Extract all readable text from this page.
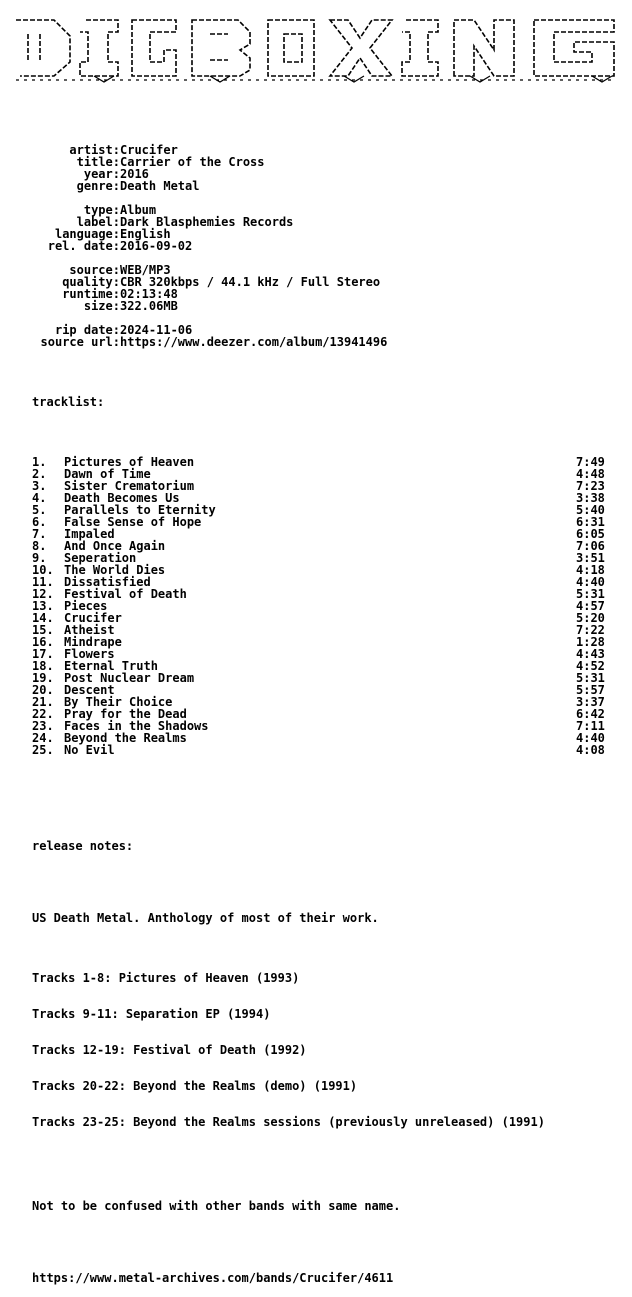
artist : Crucifer
title : Carrier of the Cross
year : 2016
genre : Death Metal
type : Album
label : Dark Blasphemies Records
language : English
rel. date : 2016-09-02
source : WEB/MP3
quality : CBR 320kbps / 44.1 kHz / Full Stereo
runtime : 02:13:48
size : 322.06MB
rip date : 2024-11-06
source url : https://www.deezer.com/album/13941496

tracklist:

1. Pictures of Heaven	7:49
2. Dawn of Time	4:48
3. Sister Crematorium	7:23
4. Death Becomes Us	3:38
5. Parallels to Eternity	5:40
6. False Sense of Hope	6:31
7. Impaled	6:05
8. And Once Again	7:06
9. Seperation	3:51
10. The World Dies	4:18
11. Dissatisfied	4:40
12. Festival of Death	5:31
13. Pieces	4:57
14. Crucifer	5:20
15. Atheist	7:22
16. Mindrape	1:28
17. Flowers	4:43
18. Eternal Truth	4:52
19. Post Nuclear Dream	5:31
20. Descent	5:57
21. By Their Choice	3:37
22. Pray for the Dead	6:42
23. Faces in the Shadows	7:11
24. Beyond the Realms	4:40
25. No Evil	4:08

release notes:

US Death Metal. Anthology of most of their work.

Tracks 1-8: Pictures of Heaven (1993)

Tracks 9-11: Separation EP (1994)

Tracks 12-19: Festival of Death (1992)

Tracks 20-22: Beyond the Realms (demo) (1991)

Tracks 23-25: Beyond the Realms sessions (previously unreleased) (1991)

Not to be confused with other bands with same name.

https://www.metal-archives.com/bands/Crucifer/4611
